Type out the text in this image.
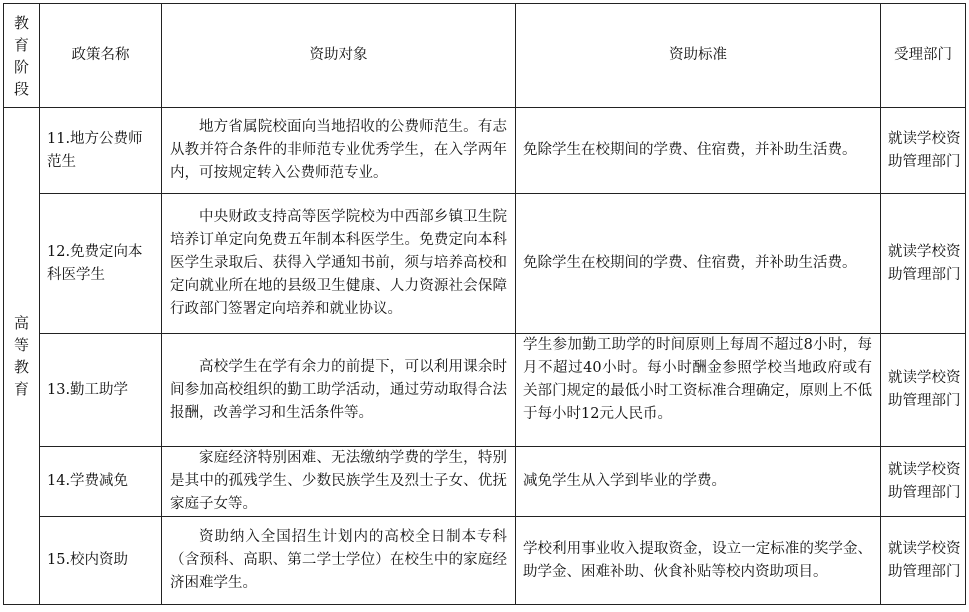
教
育
阶
段	政策名称	资助对象	资助标准	受理部门

高
等
教
育	11.地方公费师范生	地方省属院校面向当地招收的公费师范生。有志从教并符合条件的非师范专业优秀学生，在入学两年内，可按规定转入公费师范专业。	免除学生在校期间的学费、住宿费，并补助生活费。	就读学校资助管理部门
	12.免费定向本科医学生	中央财政支持高等医学院校为中西部乡镇卫生院培养订单定向免费五年制本科医学生。免费定向本科医学生录取后、获得入学通知书前，须与培养高校和定向就业所在地的县级卫生健康、人力资源社会保障行政部门签署定向培养和就业协议。	免除学生在校期间的学费、住宿费，并补助生活费。	就读学校资助管理部门
	13.勤工助学	高校学生在学有余力的前提下，可以利用课余时间参加高校组织的勤工助学活动，通过劳动取得合法报酬，改善学习和生活条件等。	学生参加勤工助学的时间原则上每周不超过8小时，每月不超过40小时。每小时酬金参照学校当地政府或有关部门规定的最低小时工资标准合理确定，原则上不低于每小时12元人民币。	就读学校资助管理部门
	14.学费减免	家庭经济特别困难、无法缴纳学费的学生，特别是其中的孤残学生、少数民族学生及烈士子女、优抚家庭子女等。	减免学生从入学到毕业的学费。	就读学校资助管理部门
	15.校内资助	资助纳入全国招生计划内的高校全日制本专科（含预科、高职、第二学士学位）在校生中的家庭经济困难学生。	学校利用事业收入提取资金，设立一定标准的奖学金、助学金、困难补助、伙食补贴等校内资助项目。	就读学校资助管理部门
